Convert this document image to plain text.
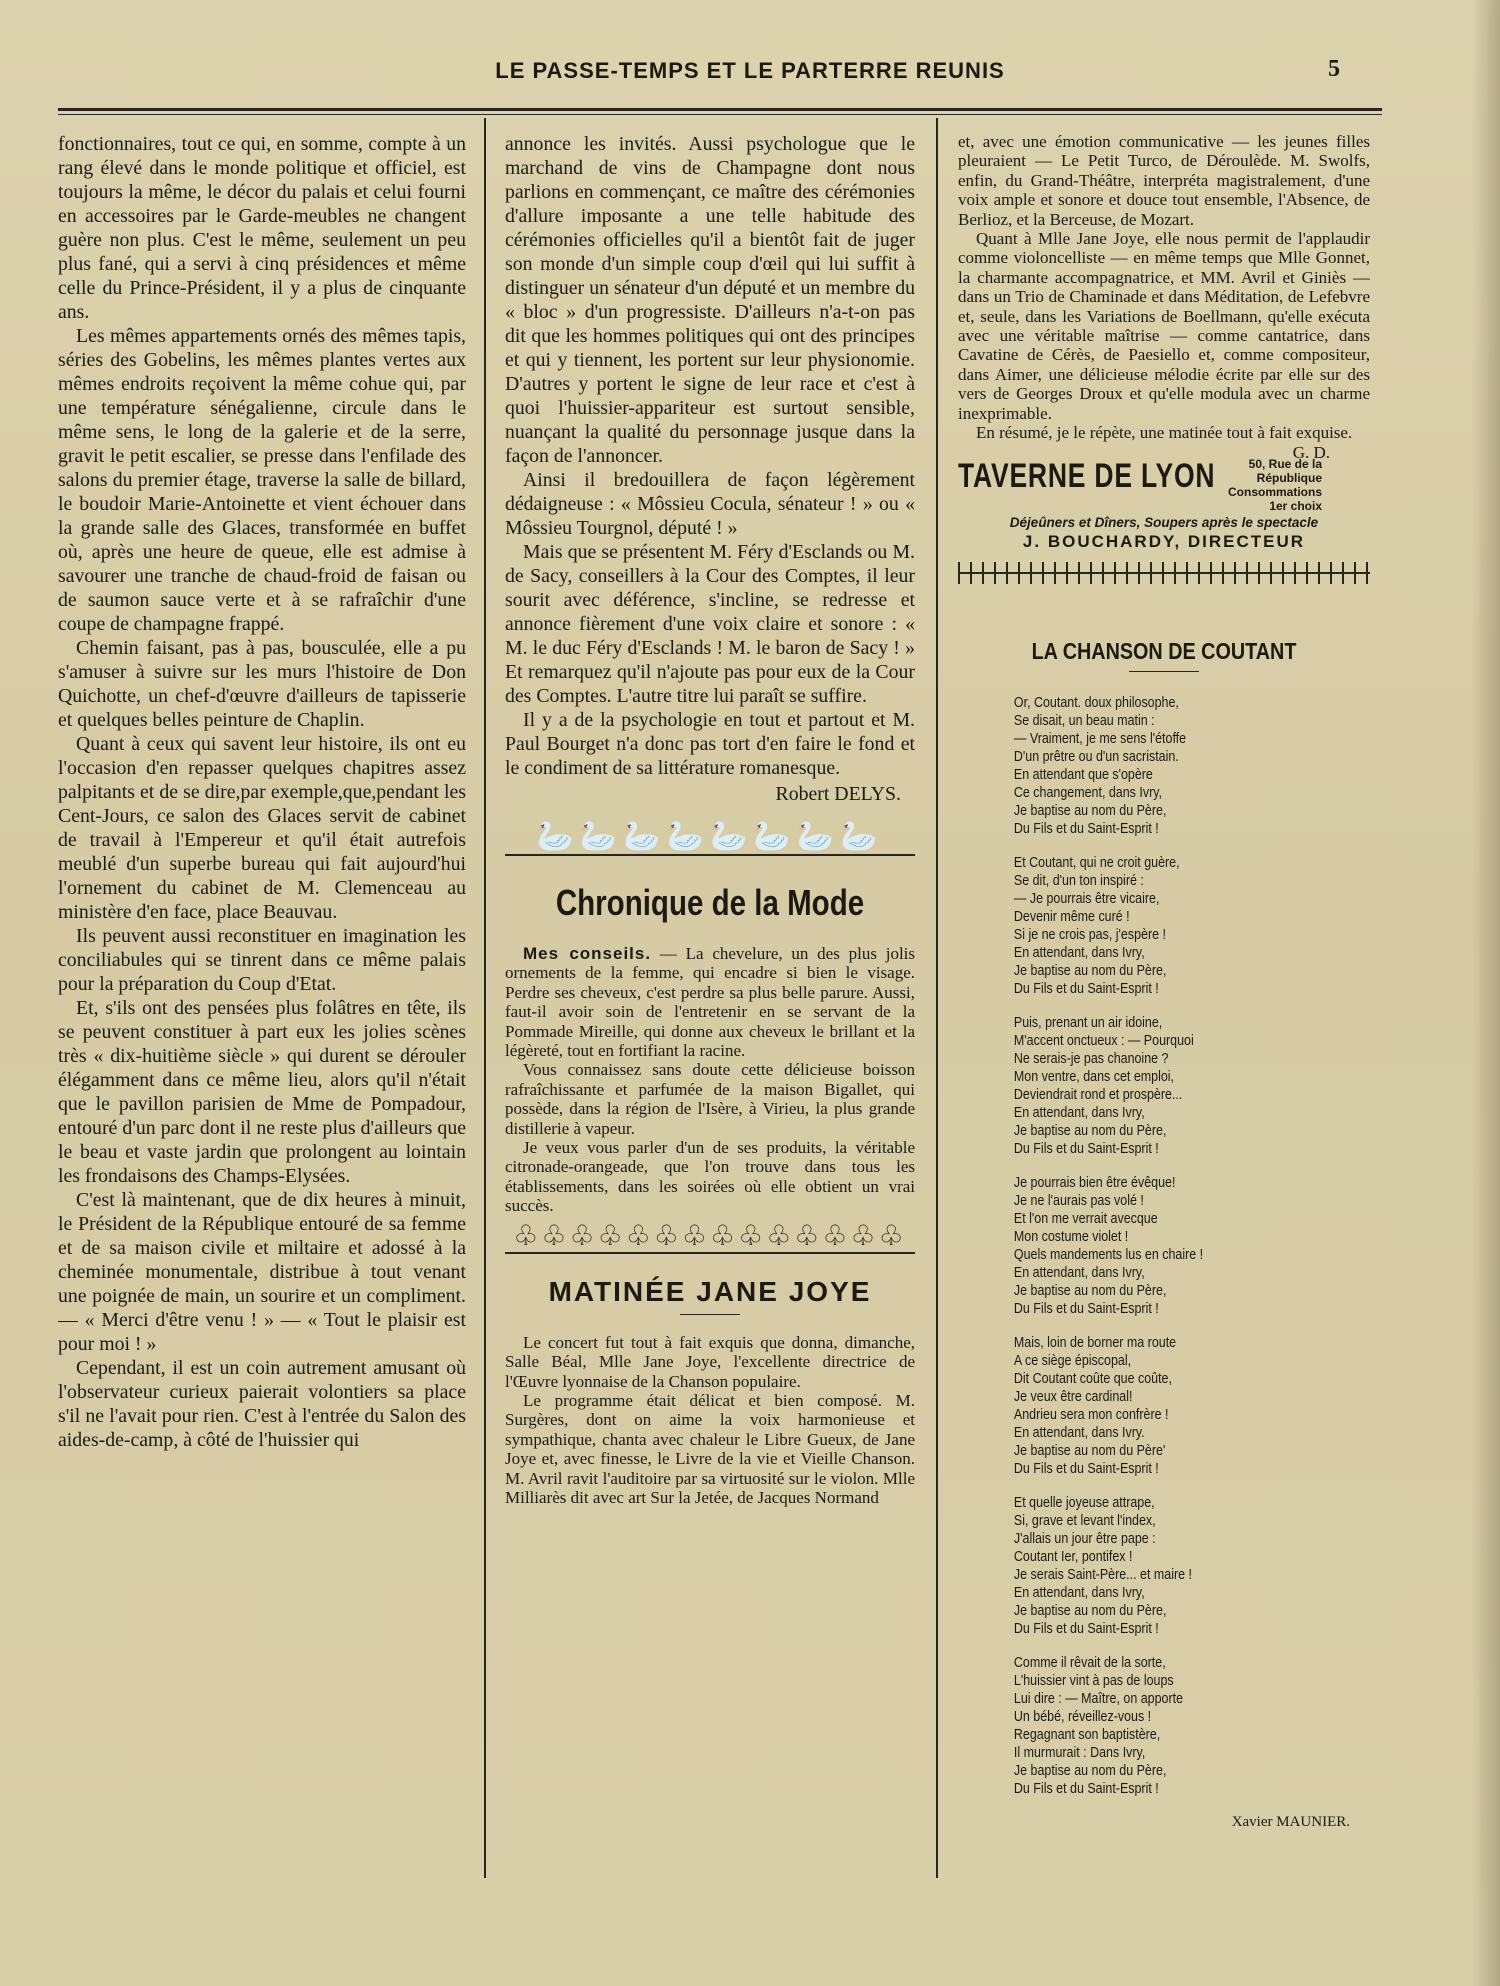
LE PASSE-TEMPS ET LE PARTERRE REUNIS	5

fonctionnaires, tout ce qui, en somme, compte à un rang élevé dans le monde politique et officiel, est toujours la même, le décor du palais et celui fourni en accessoires par le Garde-meubles ne changent guère non plus. C'est le même, seulement un peu plus fané, qui a servi à cinq présidences et même celle du Prince-Président, il y a plus de cinquante ans.

Les mêmes appartements ornés des mêmes tapis, séries des Gobelins, les mêmes plantes vertes aux mêmes endroits reçoivent la même cohue qui, par une température sénégalienne, circule dans le même sens, le long de la galerie et de la serre, gravit le petit escalier, se presse dans l'enfilade des salons du premier étage, traverse la salle de billard, le boudoir Marie-Antoinette et vient échouer dans la grande salle des Glaces, transformée en buffet où, après une heure de queue, elle est admise à savourer une tranche de chaud-froid de faisan ou de saumon sauce verte et à se rafraîchir d'une coupe de champagne frappé.

Chemin faisant, pas à pas, bousculée, elle a pu s'amuser à suivre sur les murs l'histoire de Don Quichotte, un chef-d'œuvre d'ailleurs de tapisserie et quelques belles peinture de Chaplin.

Quant à ceux qui savent leur histoire, ils ont eu l'occasion d'en repasser quelques chapitres assez palpitants et de se dire,par exemple,que,pendant les Cent-Jours, ce salon des Glaces servit de cabinet de travail à l'Empereur et qu'il était autrefois meublé d'un superbe bureau qui fait aujourd'hui l'ornement du cabinet de M. Clemenceau au ministère d'en face, place Beauvau.

Ils peuvent aussi reconstituer en imagination les conciliabules qui se tinrent dans ce même palais pour la préparation du Coup d'Etat.

Et, s'ils ont des pensées plus folâtres en tête, ils se peuvent constituer à part eux les jolies scènes très « dix-huitième siècle » qui durent se dérouler élégamment dans ce même lieu, alors qu'il n'était que le pavillon parisien de Mme de Pompadour, entouré d'un parc dont il ne reste plus d'ailleurs que le beau et vaste jardin que prolongent au lointain les frondaisons des Champs-Elysées.

C'est là maintenant, que de dix heures à minuit, le Président de la République entouré de sa femme et de sa maison civile et miltaire et adossé à la cheminée monumentale, distribue à tout venant une poignée de main, un sourire et un compliment. — « Merci d'être venu ! » — « Tout le plaisir est pour moi ! »

Cependant, il est un coin autrement amusant où l'observateur curieux paierait volontiers sa place s'il ne l'avait pour rien. C'est à l'entrée du Salon des aides-de-camp, à côté de l'huissier qui

annonce les invités. Aussi psychologue que le marchand de vins de Champagne dont nous parlions en commençant, ce maître des cérémonies d'allure imposante a une telle habitude des cérémonies officielles qu'il a bientôt fait de juger son monde d'un simple coup d'œil qui lui suffit à distinguer un sénateur d'un député et un membre du « bloc » d'un progressiste. D'ailleurs n'a-t-on pas dit que les hommes politiques qui ont des principes et qui y tiennent, les portent sur leur physionomie. D'autres y portent le signe de leur race et c'est à quoi l'huissier-appariteur est surtout sensible, nuançant la qualité du personnage jusque dans la façon de l'annoncer.

Ainsi il bredouillera de façon légèrement dédaigneuse : « Môssieu Cocula, sénateur ! » ou « Môssieu Tourgnol, député ! »

Mais que se présentent M. Féry d'Esclands ou M. de Sacy, conseillers à la Cour des Comptes, il leur sourit avec déférence, s'incline, se redresse et annonce fièrement d'une voix claire et sonore : « M. le duc Féry d'Esclands ! M. le baron de Sacy ! » Et remarquez qu'il n'ajoute pas pour eux de la Cour des Comptes. L'autre titre lui paraît se suffire.

Il y a de la psychologie en tout et partout et M. Paul Bourget n'a donc pas tort d'en faire le fond et le condiment de sa littérature romanesque.

Robert DELYS.
🦢🦢🦢🦢🦢🦢🦢🦢
Chronique de la Mode

Mes conseils. — La chevelure, un des plus jolis ornements de la femme, qui encadre si bien le visage. Perdre ses cheveux, c'est perdre sa plus belle parure. Aussi, faut-il avoir soin de l'entretenir en se servant de la Pommade Mireille, qui donne aux cheveux le brillant et la légèreté, tout en fortifiant la racine.

Vous connaissez sans doute cette délicieuse boisson rafraîchissante et parfumée de la maison Bigallet, qui possède, dans la région de l'Isère, à Virieu, la plus grande distillerie à vapeur.

Je veux vous parler d'un de ses produits, la véritable citronade-orangeade, que l'on trouve dans tous les établissements, dans les soirées où elle obtient un vrai succès.

♧♧♧♧♧♧♧♧♧♧♧♧♧♧
MATINÉE JANE JOYE

Le concert fut tout à fait exquis que donna, dimanche, Salle Béal, Mlle Jane Joye, l'excellente directrice de l'Œuvre lyonnaise de la Chanson populaire.

Le programme était délicat et bien composé. M. Surgères, dont on aime la voix harmonieuse et sympathique, chanta avec chaleur le Libre Gueux, de Jane Joye et, avec finesse, le Livre de la vie et Vieille Chanson. M. Avril ravit l'auditoire par sa virtuosité sur le violon. Mlle Milliarès dit avec art Sur la Jetée, de Jacques Normand

et, avec une émotion communicative — les jeunes filles pleuraient — Le Petit Turco, de Déroulède. M. Swolfs, enfin, du Grand-Théâtre, interpréta magistralement, d'une voix ample et sonore et douce tout ensemble, l'Absence, de Berlioz, et la Berceuse, de Mozart.

Quant à Mlle Jane Joye, elle nous permit de l'applaudir comme violoncelliste — en même temps que Mlle Gonnet, la charmante accompagnatrice, et MM. Avril et Giniès — dans un Trio de Chaminade et dans Méditation, de Lefebvre et, seule, dans les Variations de Boellmann, qu'elle exécuta avec une véritable maîtrise — comme cantatrice, dans Cavatine de Cérès, de Paesiello et, comme compositeur, dans Aimer, une délicieuse mélodie écrite par elle sur des vers de Georges Droux et qu'elle modula avec un charme inexprimable.

En résumé, je le répète, une matinée tout à fait exquise.
G. D.

TAVERNE DE LYON	50, Rue de la République
Consommations 1er choix
Déjeûners et Dîners, Soupers après le spectacle
J. BOUCHARDY, DIRECTEUR
LA CHANSON DE COUTANT
Or, Coutant. doux philosophe,
Se disait, un beau matin :
— Vraiment, je me sens l'étoffe
D'un prêtre ou d'un sacristain.
En attendant que s'opère
Ce changement, dans Ivry,
Je baptise au nom du Père,
Du Fils et du Saint-Esprit !
Et Coutant, qui ne croit guère,
Se dit, d'un ton inspiré :
— Je pourrais être vicaire,
Devenir même curé !
Si je ne crois pas, j'espère !
En attendant, dans Ivry,
Je baptise au nom du Père,
Du Fils et du Saint-Esprit !
Puis, prenant un air idoine,
M'accent onctueux : — Pourquoi
Ne serais-je pas chanoine ?
Mon ventre, dans cet emploi,
Deviendrait rond et prospère...
En attendant, dans Ivry,
Je baptise au nom du Père,
Du Fils et du Saint-Esprit !
Je pourrais bien être évêque!
Je ne l'aurais pas volé !
Et l'on me verrait avecque
Mon costume violet !
Quels mandements lus en chaire !
En attendant, dans Ivry,
Je baptise au nom du Père,
Du Fils et du Saint-Esprit !
Mais, loin de borner ma route
A ce siège épiscopal,
Dit Coutant coûte que coûte,
Je veux être cardinal!
Andrieu sera mon confrère !
En attendant, dans Ivry.
Je baptise au nom du Père'
Du Fils et du Saint-Esprit !
Et quelle joyeuse attrape,
Si, grave et levant l'index,
J'allais un jour être pape :
Coutant Ier, pontifex !
Je serais Saint-Père... et maire !
En attendant, dans Ivry,
Je baptise au nom du Père,
Du Fils et du Saint-Esprit !
Comme il rêvait de la sorte,
L'huissier vint à pas de loups
Lui dire : — Maître, on apporte
Un bébé, réveillez-vous !
Regagnant son baptistère,
Il murmurait : Dans Ivry,
Je baptise au nom du Père,
Du Fils et du Saint-Esprit !
Xavier MAUNIER.
